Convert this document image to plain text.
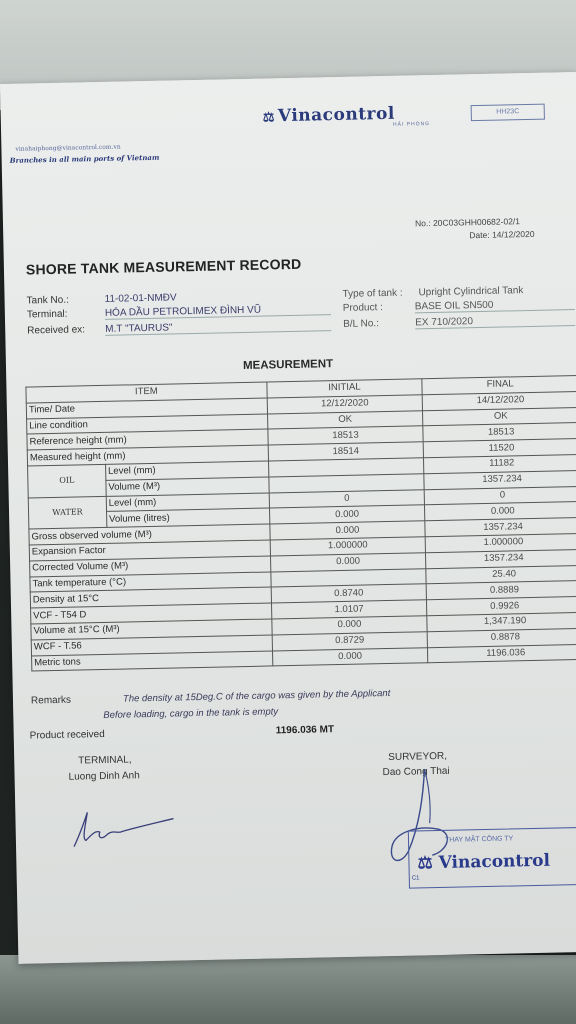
⚖ Vinacontrol
HẢI PHÒNG
HH23C
vinahaiphong@vinacontrol.com.vn
Branches in all main ports of Vietnam
No.: 20C03GHH00682-02/1
Date: 14/12/2020
SHORE TANK MEASUREMENT RECORD
Tank No.:	11-02-01-NMĐV
Terminal:	HÓA DẦU PETROLIMEX ĐÌNH VŨ
Received ex: M.T "TAURUS"
Type of tank : Upright Cylindrical Tank
Product :	BASE OIL SN500
B/L No.:	EX 710/2020
MEASUREMENT
ITEM		INITIAL	FINAL
Time/ Date		12/12/2020	14/12/2020
Line condition		OK	OK
Reference height (mm)		18513	18513
Measured height (mm)		18514	11520
OIL	Level (mm)		11182
	Volume (M³)		1357.234
WATER	Level (mm)	0	0
	Volume (litres)	0.000	0.000
Gross observed volume (M³)		0.000	1357.234
Expansion Factor		1.000000	1.000000
Corrected Volume (M³)		0.000	1357.234
Tank temperature (°C)			25.40
Density at 15°C		0.8740	0.8889
VCF - T54 D		1.0107	0.9926
Volume at 15°C (M³)		0.000	1,347.190
WCF - T.56		0.8729	0.8878
Metric tons		0.000	1196.036
Remarks	The density at 15Deg.C of the cargo was given by the Applicant
Before loading, cargo in the tank is empty
Product received	1196.036 MT
TERMINAL,
Luong Dinh Anh
SURVEYOR,
Dao Cong Thai
THAY MẶT CÔNG TY
⚖ Vinacontrol
C1
